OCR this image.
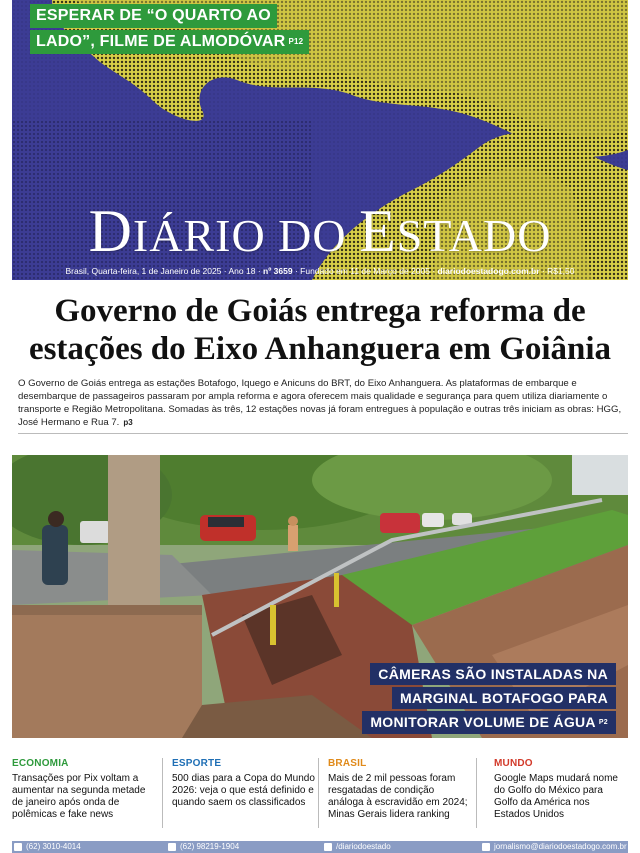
ESPERAR DE “O QUARTO AO
LADO”, FILME DE ALMODÓVAR P12
DIÁRIO DO ESTADO
Brasil, Quarta-feira, 1 de Janeiro de 2025 · Ano 18 · nº 3659 · Fundado em 11 de Março de 2005 · diariodoestadogo.com.br · R$1,50
Governo de Goiás entrega reforma de
estações do Eixo Anhanguera em Goiânia

O Governo de Goiás entrega as estações Botafogo, Iquego e Anicuns do BRT, do Eixo Anhanguera. As plataformas de embarque e desembarque de passageiros passaram por ampla reforma e agora oferecem mais qualidade e segurança para quem utiliza diariamente o transporte e Região Metropolitana. Somadas às três, 12 estações novas já foram entregues à população e outras três iniciam as obras: HGG, José Hermano e Rua 7. p3

CÂMERAS SÃO INSTALADAS NA
MARGINAL BOTAFOGO PARA
MONITORAR VOLUME DE ÁGUA P2
ECONOMIA
Transações por Pix voltam a aumentar na segunda metade de janeiro após onda de polêmicas e fake news
ESPORTE
500 dias para a Copa do Mundo 2026: veja o que está definido e quando saem os classificados
BRASIL
Mais de 2 mil pessoas foram resgatadas de condição análoga à escravidão em 2024; Minas Gerais lidera ranking
MUNDO
Google Maps mudará nome do Golfo do México para Golfo da América nos Estados Unidos
(62) 3010-4014	(62) 98219-1904	/diariodoestado	jornalismo@diariodoestadogo.com.br
